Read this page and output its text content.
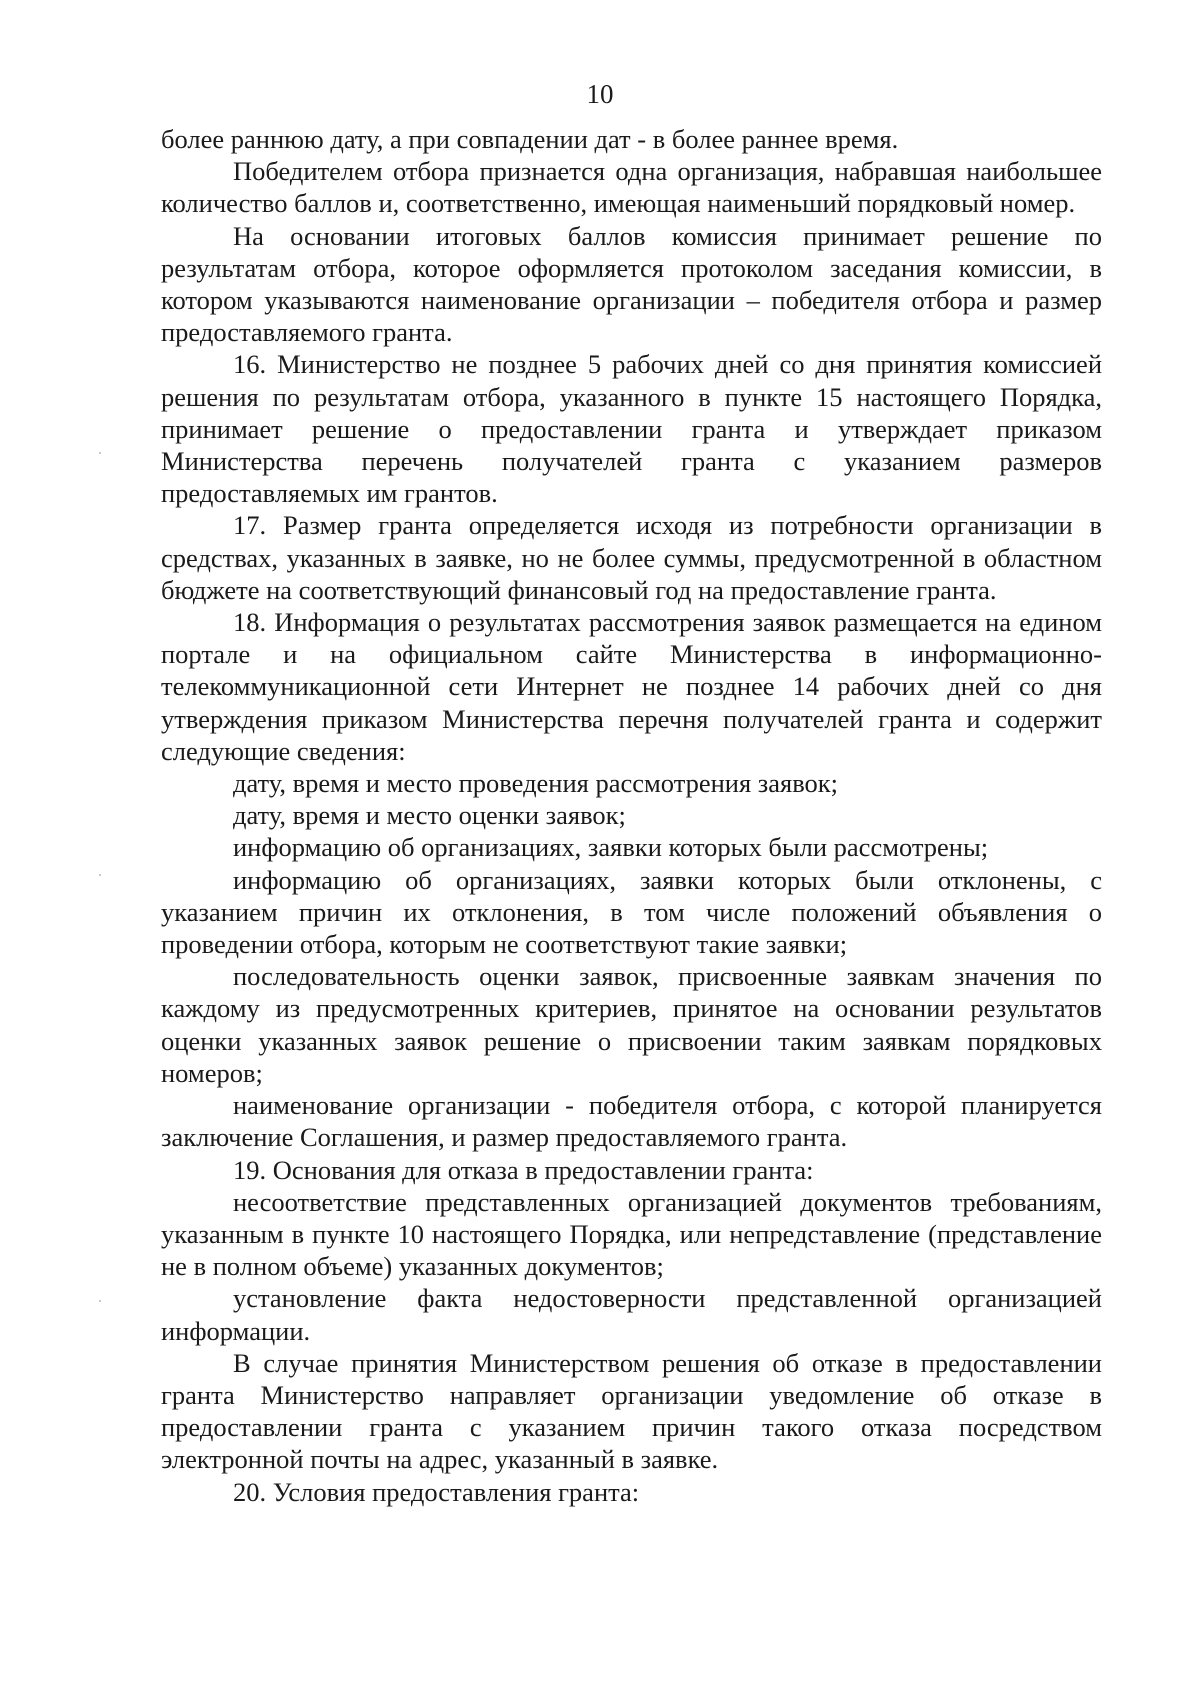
10

более раннюю дату, а при совпадении дат - в более раннее время.

Победителем отбора признается одна организация, набравшая наибольшее количество баллов и, соответственно, имеющая наименьший порядковый номер.

На основании итоговых баллов комиссия принимает решение по результатам отбора, которое оформляется протоколом заседания комиссии, в котором указываются наименование организации – победителя отбора и размер предоставляемого гранта.

16. Министерство не позднее 5 рабочих дней со дня принятия комиссией решения по результатам отбора, указанного в пункте 15 настоящего Порядка, принимает решение о предоставлении гранта и утверждает приказом Министерства перечень получателей гранта с указанием размеров предоставляемых им грантов.

17. Размер гранта определяется исходя из потребности организации в средствах, указанных в заявке, но не более суммы, предусмотренной в областном бюджете на соответствующий финансовый год на предоставление гранта.

18. Информация о результатах рассмотрения заявок размещается на едином портале и на официальном сайте Министерства в информационно-телекоммуникационной сети Интернет не позднее 14 рабочих дней со дня утверждения приказом Министерства перечня получателей гранта и содержит следующие сведения:

дату, время и место проведения рассмотрения заявок;

дату, время и место оценки заявок;

информацию об организациях, заявки которых были рассмотрены;

информацию об организациях, заявки которых были отклонены, с указанием причин их отклонения, в том числе положений объявления о проведении отбора, которым не соответствуют такие заявки;

последовательность оценки заявок, присвоенные заявкам значения по каждому из предусмотренных критериев, принятое на основании результатов оценки указанных заявок решение о присвоении таким заявкам порядковых номеров;

наименование организации - победителя отбора, с которой планируется заключение Соглашения, и размер предоставляемого гранта.

19. Основания для отказа в предоставлении гранта:

несоответствие представленных организацией документов требованиям, указанным в пункте 10 настоящего Порядка, или непредставление (представление не в полном объеме) указанных документов;

установление факта недостоверности представленной организацией информации.

В случае принятия Министерством решения об отказе в предоставлении гранта Министерство направляет организации уведомление об отказе в предоставлении гранта с указанием причин такого отказа посредством электронной почты на адрес, указанный в заявке.

20. Условия предоставления гранта:
